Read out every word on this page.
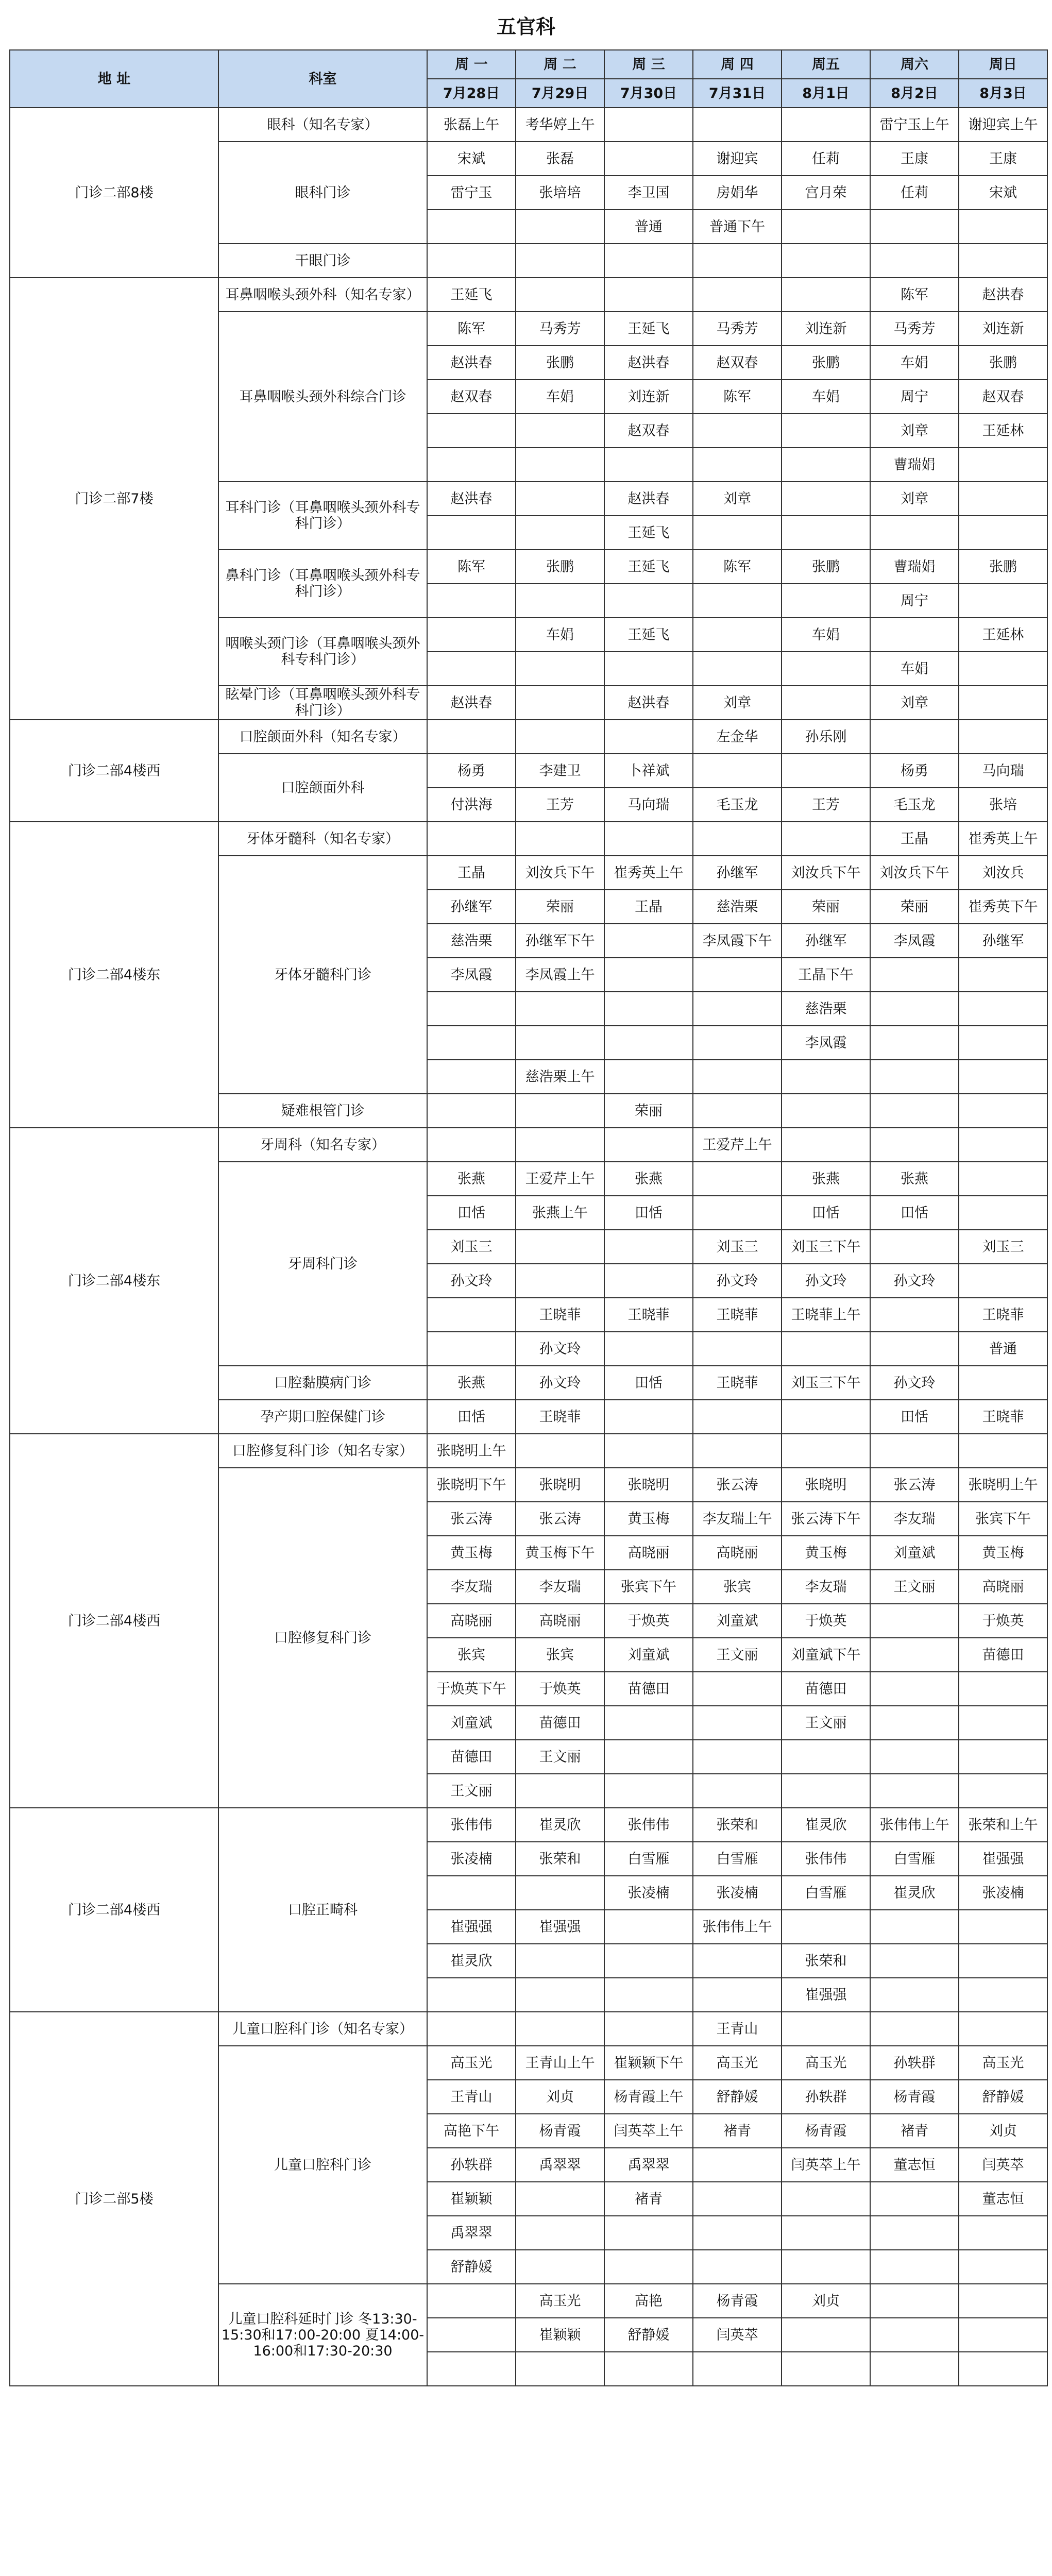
五官科
地 址	科室	周 一	周 二	周 三	周 四	周五	周六	周日
		7月28日	7月29日	7月30日	7月31日	8月1日	8月2日	8月3日
门诊二部8楼	眼科（知名专家）	张磊上午	考华婷上午				雷宁玉上午	谢迎宾上午
	眼科门诊	宋斌	张磊		谢迎宾	任莉	王康	王康
		雷宁玉	张培培	李卫国	房娟华	宫月荣	任莉	宋斌
				普通	普通下午			
	干眼门诊							
门诊二部7楼	耳鼻咽喉头颈外科（知名专家）	王延飞					陈军	赵洪春
	耳鼻咽喉头颈外科综合门诊	陈军	马秀芳	王延飞	马秀芳	刘连新	马秀芳	刘连新
		赵洪春	张鹏	赵洪春	赵双春	张鹏	车娟	张鹏
		赵双春	车娟	刘连新	陈军	车娟	周宁	赵双春
				赵双春			刘章	王延林
							曹瑞娟	
	耳科门诊（耳鼻咽喉头颈外科专科门诊）	赵洪春		赵洪春	刘章		刘章	
				王延飞				
	鼻科门诊（耳鼻咽喉头颈外科专科门诊）	陈军	张鹏	王延飞	陈军	张鹏	曹瑞娟	张鹏
							周宁	
	咽喉头颈门诊（耳鼻咽喉头颈外科专科门诊）		车娟	王延飞		车娟		王延林
							车娟	
	眩晕门诊（耳鼻咽喉头颈外科专科门诊）	赵洪春		赵洪春	刘章		刘章	
门诊二部4楼西	口腔颌面外科（知名专家）				左金华	孙乐刚		
	口腔颌面外科	杨勇	李建卫	卜祥斌			杨勇	马向瑞
		付洪海	王芳	马向瑞	毛玉龙	王芳	毛玉龙	张培
门诊二部4楼东	牙体牙髓科（知名专家）						王晶	崔秀英上午
	牙体牙髓科门诊	王晶	刘汝兵下午	崔秀英上午	孙继军	刘汝兵下午	刘汝兵下午	刘汝兵
		孙继军	荣丽	王晶	慈浩栗	荣丽	荣丽	崔秀英下午
		慈浩栗	孙继军下午		李凤霞下午	孙继军	李凤霞	孙继军
		李凤霞	李凤霞上午			王晶下午		
						慈浩栗		
						李凤霞		
			慈浩栗上午					
	疑难根管门诊			荣丽				
门诊二部4楼东	牙周科（知名专家）				王爱芹上午			
	牙周科门诊	张燕	王爱芹上午	张燕		张燕	张燕	
		田恬	张燕上午	田恬		田恬	田恬	
		刘玉三			刘玉三	刘玉三下午		刘玉三
		孙文玲			孙文玲	孙文玲	孙文玲	
			王晓菲	王晓菲	王晓菲	王晓菲上午		王晓菲
			孙文玲					普通
	口腔黏膜病门诊	张燕	孙文玲	田恬	王晓菲	刘玉三下午	孙文玲	
	孕产期口腔保健门诊	田恬	王晓菲				田恬	王晓菲
门诊二部4楼西	口腔修复科门诊（知名专家）	张晓明上午						
	口腔修复科门诊	张晓明下午	张晓明	张晓明	张云涛	张晓明	张云涛	张晓明上午
		张云涛	张云涛	黄玉梅	李友瑞上午	张云涛下午	李友瑞	张宾下午
		黄玉梅	黄玉梅下午	高晓丽	高晓丽	黄玉梅	刘童斌	黄玉梅
		李友瑞	李友瑞	张宾下午	张宾	李友瑞	王文丽	高晓丽
		高晓丽	高晓丽	于焕英	刘童斌	于焕英		于焕英
		张宾	张宾	刘童斌	王文丽	刘童斌下午		苗德田
		于焕英下午	于焕英	苗德田		苗德田		
		刘童斌	苗德田			王文丽		
		苗德田	王文丽					
		王文丽						
门诊二部4楼西	口腔正畸科	张伟伟	崔灵欣	张伟伟	张荣和	崔灵欣	张伟伟上午	张荣和上午
		张凌楠	张荣和	白雪雁	白雪雁	张伟伟	白雪雁	崔强强
				张凌楠	张凌楠	白雪雁	崔灵欣	张凌楠
		崔强强	崔强强		张伟伟上午			
		崔灵欣				张荣和		
						崔强强		
门诊二部5楼	儿童口腔科门诊（知名专家）				王青山			
	儿童口腔科门诊	高玉光	王青山上午	崔颖颖下午	高玉光	高玉光	孙轶群	高玉光
		王青山	刘贞	杨青霞上午	舒静媛	孙轶群	杨青霞	舒静媛
		高艳下午	杨青霞	闫英萃上午	褚青	杨青霞	褚青	刘贞
		孙轶群	禹翠翠	禹翠翠		闫英萃上午	董志恒	闫英萃
		崔颖颖		褚青				董志恒
		禹翠翠						
		舒静媛						
	儿童口腔科延时门诊 冬13:30-15:30和17:00-20:00 夏14:00-16:00和17:30-20:30		高玉光	高艳	杨青霞	刘贞		
			崔颖颖	舒静媛	闫英萃			
